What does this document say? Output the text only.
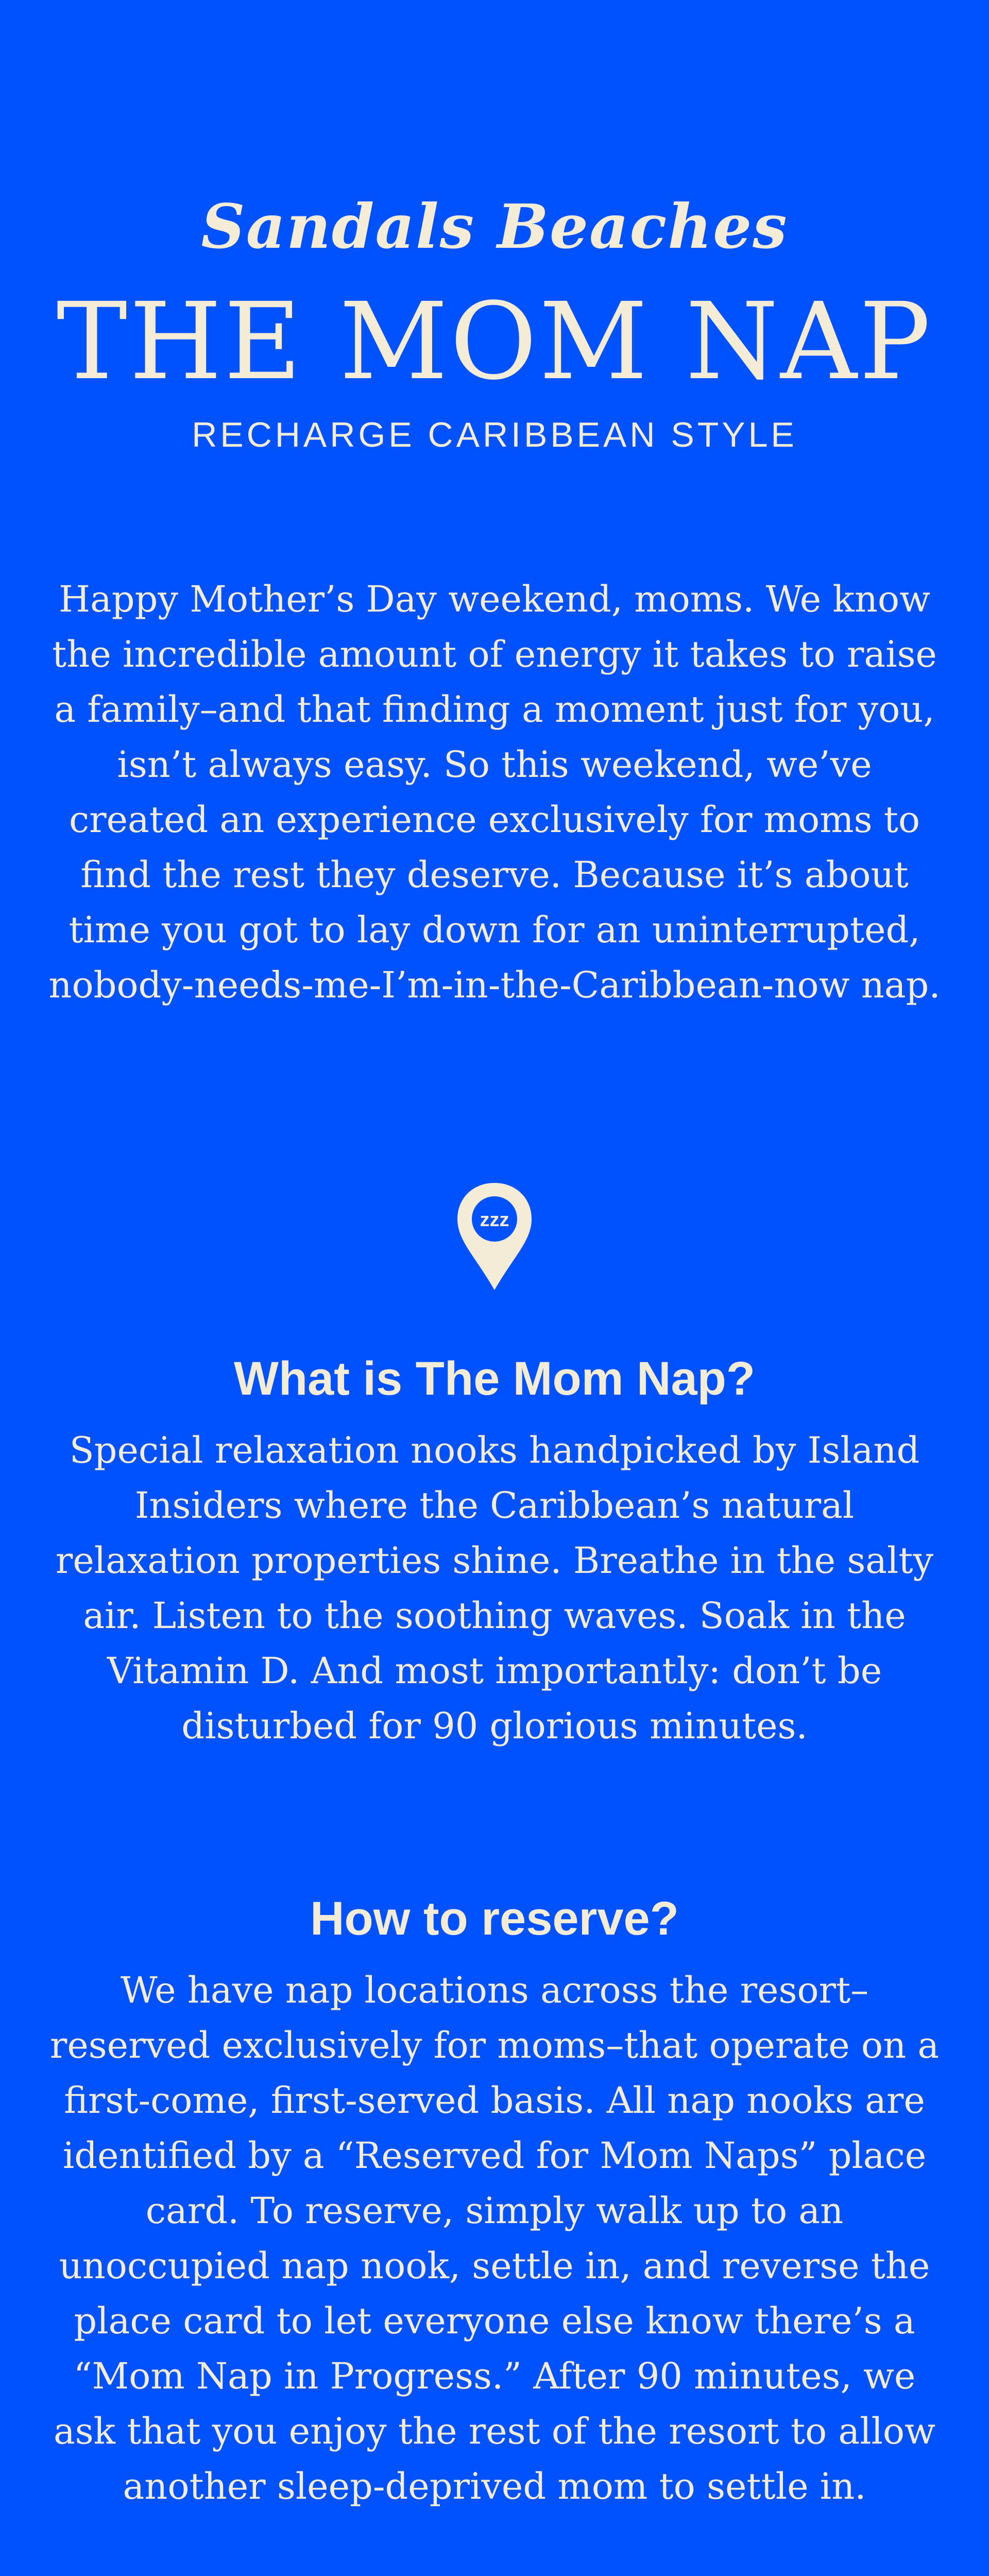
Sandals Beaches
THE MOM NAP
RECHARGE CARIBBEAN STYLE

Happy Mother’s Day weekend, moms. We know the incredible amount of energy it takes to raise a family–and that finding a moment just for you, isn’t always easy. So this weekend, we’ve created an experience exclusively for moms to find the rest they deserve. Because it’s about time you got to lay down for an uninterrupted, nobody-needs-me-I’m-in-the-Caribbean-now nap.

zzz
What is The Mom Nap?

Special relaxation nooks handpicked by Island Insiders where the Caribbean’s natural relaxation properties shine. Breathe in the salty air. Listen to the soothing waves. Soak in the Vitamin D. And most importantly: don’t be disturbed for 90 glorious minutes.

How to reserve?

We have nap locations across the resort–reserved exclusively for moms–that operate on a first-come, first-served basis. All nap nooks are identified by a “Reserved for Mom Naps” place card. To reserve, simply walk up to an unoccupied nap nook, settle in, and reverse the place card to let everyone else know there’s a “Mom Nap in Progress.” After 90 minutes, we ask that you enjoy the rest of the resort to allow another sleep-deprived mom to settle in.
